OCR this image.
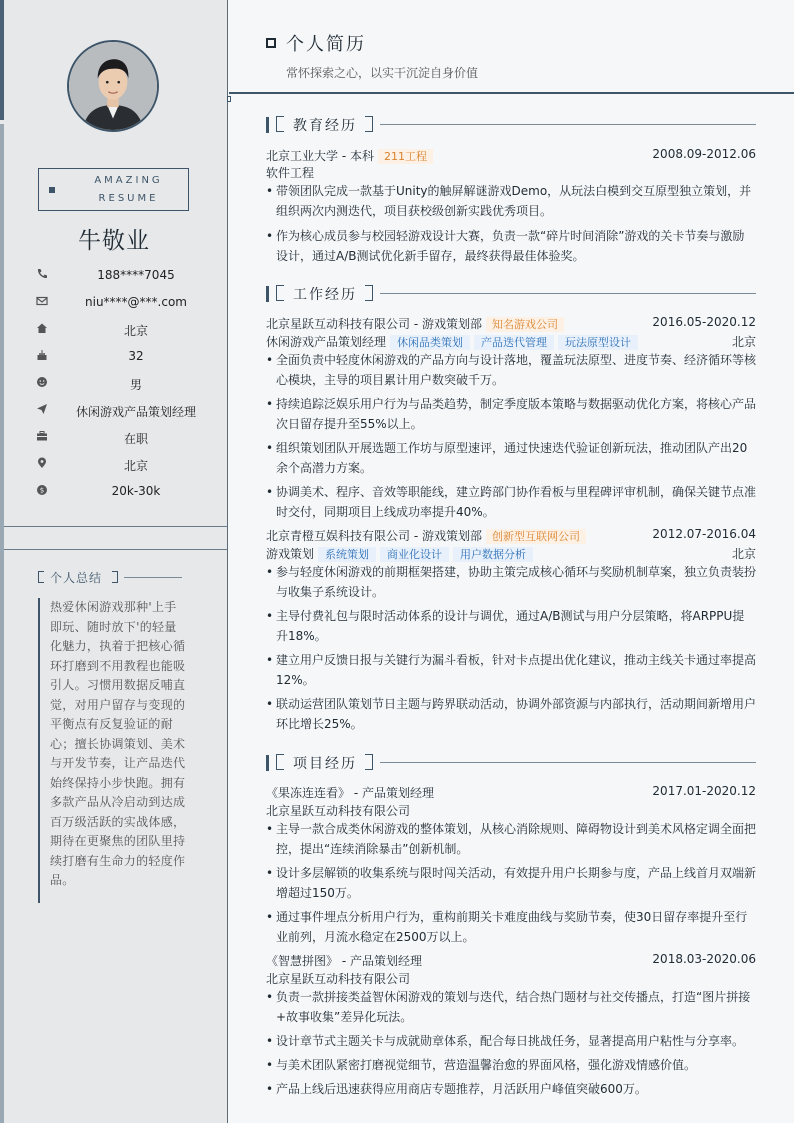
AMAZING
RESUME
牛敬业
188****7045
niu****@***.com
北京
32
男
休闲游戏产品策划经理
在职
北京
$	20k-30k
个人总结
热爱休闲游戏那种'上手即玩、随时放下'的轻量化魅力，执着于把核心循环打磨到不用教程也能吸引人。习惯用数据反哺直觉，对用户留存与变现的平衡点有反复验证的耐心；擅长协调策划、美术与开发节奏，让产品迭代始终保持小步快跑。拥有多款产品从冷启动到达成百万级活跃的实战体感，期待在更聚焦的团队里持续打磨有生命力的轻度作品。
个人简历
常怀探索之心，以实干沉淀自身价值
教育经历
北京工业大学 - 本科 211工程	2008.09-2012.06
软件工程
• 带领团队完成一款基于Unity的触屏解谜游戏Demo，从玩法白模到交互原型独立策划，并组织两次内测迭代，项目获校级创新实践优秀项目。
• 作为核心成员参与校园轻游戏设计大赛，负责一款“碎片时间消除”游戏的关卡节奏与激励设计，通过A/B测试优化新手留存，最终获得最佳体验奖。
工作经历
北京星跃互动科技有限公司 - 游戏策划部 知名游戏公司	2016.05-2020.12
休闲游戏产品策划经理 休闲品类策划 产品迭代管理 玩法原型设计	北京
• 全面负责中轻度休闲游戏的产品方向与设计落地，覆盖玩法原型、进度节奏、经济循环等核心模块，主导的项目累计用户数突破千万。
• 持续追踪泛娱乐用户行为与品类趋势，制定季度版本策略与数据驱动优化方案，将核心产品次日留存提升至55%以上。
• 组织策划团队开展选题工作坊与原型速评，通过快速迭代验证创新玩法，推动团队产出20余个高潜力方案。
• 协调美术、程序、音效等职能线，建立跨部门协作看板与里程碑评审机制，确保关键节点准时交付，同期项目上线成功率提升40%。
北京青橙互娱科技有限公司 - 游戏策划部 创新型互联网公司	2012.07-2016.04
游戏策划 系统策划 商业化设计 用户数据分析	北京
• 参与轻度休闲游戏的前期框架搭建，协助主策完成核心循环与奖励机制草案，独立负责装扮与收集子系统设计。
• 主导付费礼包与限时活动体系的设计与调优，通过A/B测试与用户分层策略，将ARPPU提升18%。
• 建立用户反馈日报与关键行为漏斗看板，针对卡点提出优化建议，推动主线关卡通过率提高12%。
• 联动运营团队策划节日主题与跨界联动活动，协调外部资源与内部执行，活动期间新增用户环比增长25%。
项目经历
《果冻连连看》 - 产品策划经理	2017.01-2020.12
北京星跃互动科技有限公司
• 主导一款合成类休闲游戏的整体策划，从核心消除规则、障碍物设计到美术风格定调全面把控，提出“连续消除暴击”创新机制。
• 设计多层解锁的收集系统与限时闯关活动，有效提升用户长期参与度，产品上线首月双端新增超过150万。
• 通过事件埋点分析用户行为，重构前期关卡难度曲线与奖励节奏，使30日留存率提升至行业前列，月流水稳定在2500万以上。
《智慧拼图》 - 产品策划经理	2018.03-2020.06
北京星跃互动科技有限公司
• 负责一款拼接类益智休闲游戏的策划与迭代，结合热门题材与社交传播点，打造“图片拼接+故事收集”差异化玩法。
• 设计章节式主题关卡与成就勋章体系，配合每日挑战任务，显著提高用户粘性与分享率。
• 与美术团队紧密打磨视觉细节，营造温馨治愈的界面风格，强化游戏情感价值。
• 产品上线后迅速获得应用商店专题推荐，月活跃用户峰值突破600万。
